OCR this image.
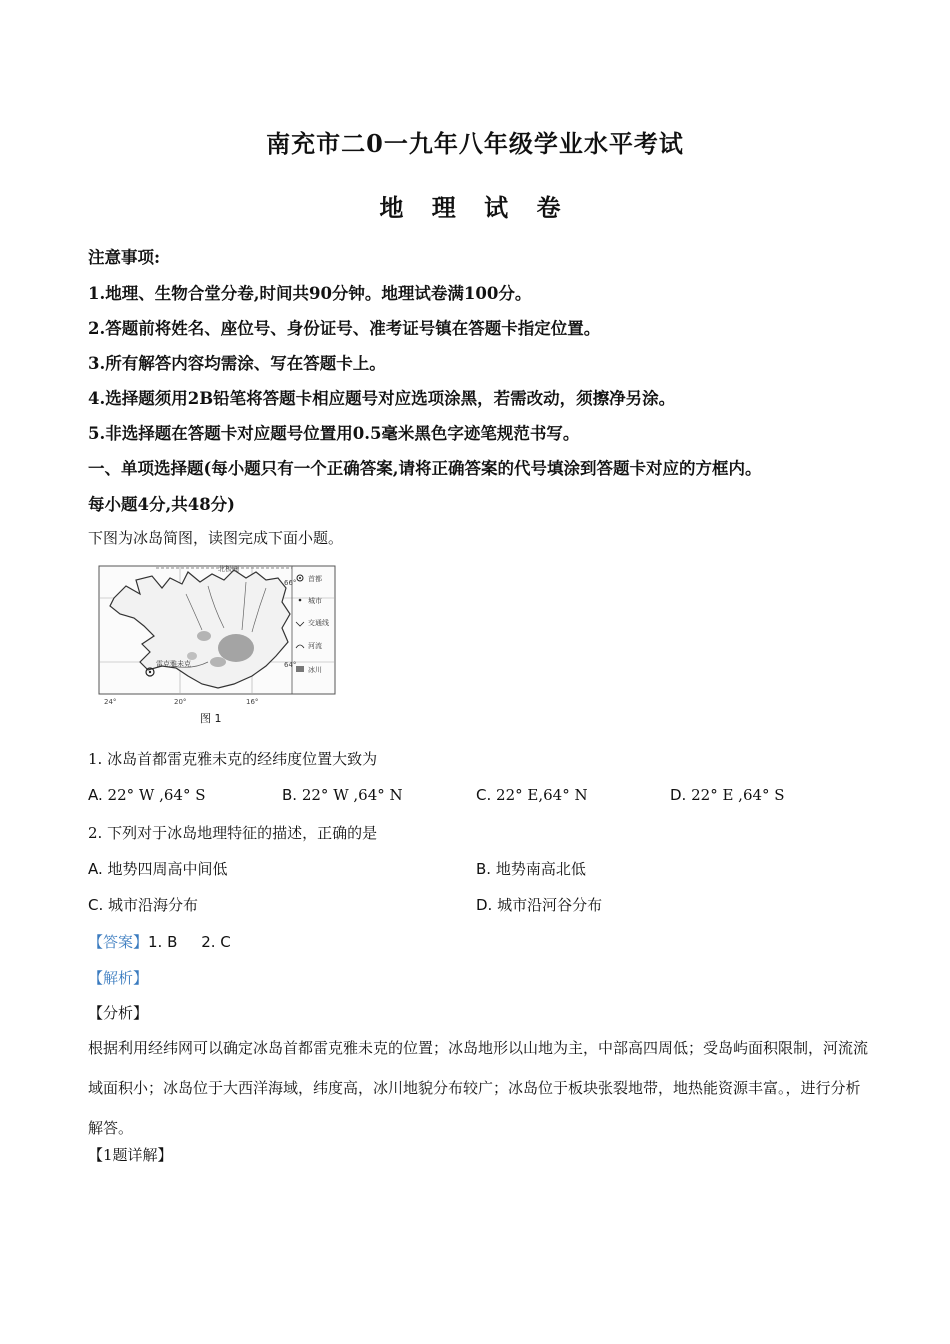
南充市二0一九年八年级学业水平考试
地 理 试 卷
注意事项:
1.地理、生物合堂分卷,时间共90分钟。地理试卷满100分。
2.答题前将姓名、座位号、身份证号、准考证号镇在答题卡指定位置。
3.所有解答内容均需涂、写在答题卡上。
4.选择题须用2B铅笔将答题卡相应题号对应选项涂黑，若需改动，须擦净另涂。
5.非选择题在答题卡对应题号位置用0.5毫米黑色字迹笔规范书写。
一、单项选择题(每小题只有一个正确答案,请将正确答案的代号填涂到答题卡对应的方框内。
每小题4分,共48分)
下图为冰岛简图，读图完成下面小题。
雷克雅未克
北极圈
66°
64°
24°	20°	16°
首都
城市
交通线
河流
冰川
图 1
1. 冰岛首都雷克雅未克的经纬度位置大致为
A. 22° W ,64° S	B. 22° W ,64° N	C. 22° E,64° N	D. 22° E ,64° S
2. 下列对于冰岛地理特征的描述，正确的是
A. 地势四周高中间低	B. 地势南高北低
C. 城市沿海分布	D. 城市沿河谷分布
【答案】1. B     2. C
【解析】
【分析】
根据利用经纬网可以确定冰岛首都雷克雅未克的位置；冰岛地形以山地为主，中部高四周低；受岛屿面积限制，河流流域面积小；冰岛位于大西洋海域，纬度高，冰川地貌分布较广；冰岛位于板块张裂地带，地热能资源丰富。，进行分析解答。
【1题详解】
